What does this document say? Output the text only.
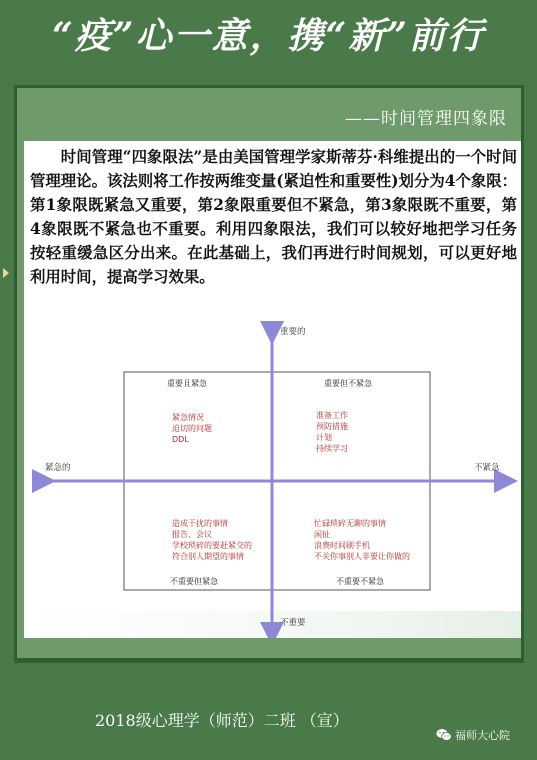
“疫”心一意，携“新”前行
——时间管理四象限

时间管理“四象限法”是由美国管理学家斯蒂芬·科维提出的一个时间管理理论。该法则将工作按两维变量(紧迫性和重要性)划分为4个象限：第1象限既紧急又重要，第2象限重要但不紧急，第3象限既不重要，第4象限既不紧急也不重要。利用四象限法，我们可以较好地把学习任务按轻重缓急区分出来。在此基础上，我们再进行时间规划，可以更好地利用时间，提高学习效果。

重要的
不重要
紧急的	不紧急
重要且紧急
紧急情况
迫切的问题
DDL
重要但不紧急
准备工作
预防措施
计划
持续学习
造成干扰的事情
报告、会议
学校琐碎的要赶紧交的
符合别人期望的事情
不重要但紧急
忙碌琐碎无聊的事情
闲扯
浪费时间刷手机
不关你事别人非要让你做的
不重要不紧急
2018级心理学（师范）二班 （宣）
福师大心院
